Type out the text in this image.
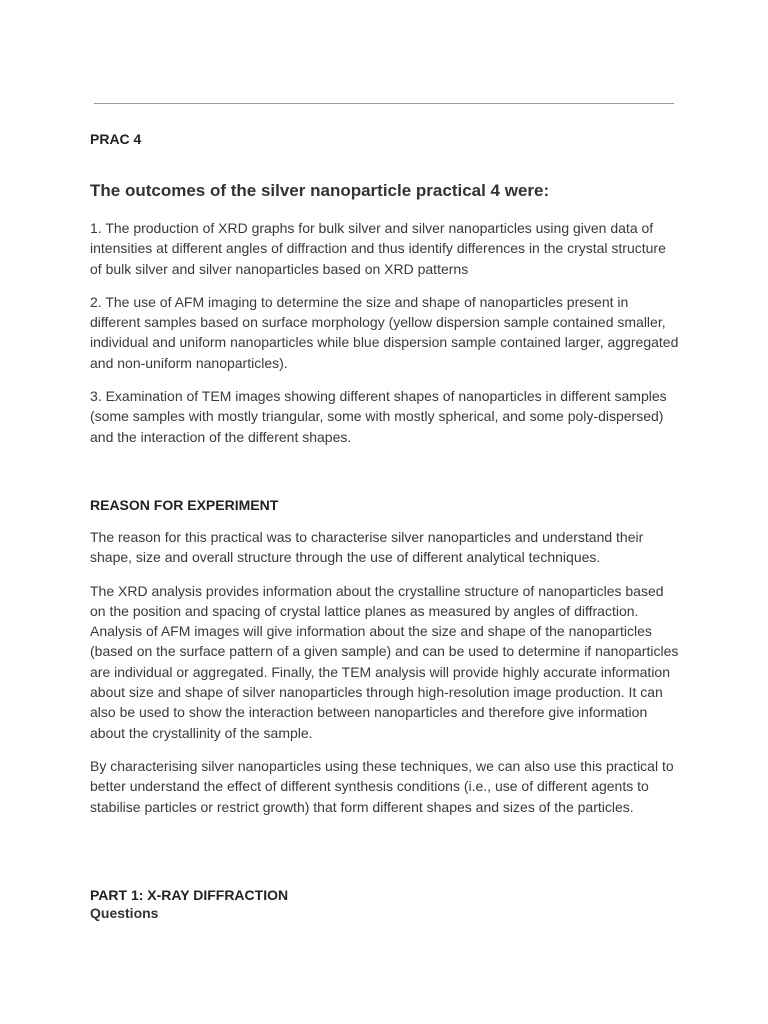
PRAC 4
The outcomes of the silver nanoparticle practical 4 were:

1. The production of XRD graphs for bulk silver and silver nanoparticles using given data of intensities at different angles of diffraction and thus identify differences in the crystal structure of bulk silver and silver nanoparticles based on XRD patterns

2. The use of AFM imaging to determine the size and shape of nanoparticles present in different samples based on surface morphology (yellow dispersion sample contained smaller, individual and uniform nanoparticles while blue dispersion sample contained larger, aggregated and non-uniform nanoparticles).

3. Examination of TEM images showing different shapes of nanoparticles in different samples (some samples with mostly triangular, some with mostly spherical, and some poly-dispersed) and the interaction of the different shapes.

REASON FOR EXPERIMENT

The reason for this practical was to characterise silver nanoparticles and understand their shape, size and overall structure through the use of different analytical techniques.

The XRD analysis provides information about the crystalline structure of nanoparticles based on the position and spacing of crystal lattice planes as measured by angles of diffraction. Analysis of AFM images will give information about the size and shape of the nanoparticles (based on the surface pattern of a given sample) and can be used to determine if nanoparticles are individual or aggregated. Finally, the TEM analysis will provide highly accurate information about size and shape of silver nanoparticles through high-resolution image production. It can also be used to show the interaction between nanoparticles and therefore give information about the crystallinity of the sample.

By characterising silver nanoparticles using these techniques, we can also use this practical to better understand the effect of different synthesis conditions (i.e., use of different agents to stabilise particles or restrict growth) that form different shapes and sizes of the particles.

PART 1: X-RAY DIFFRACTION
Questions
